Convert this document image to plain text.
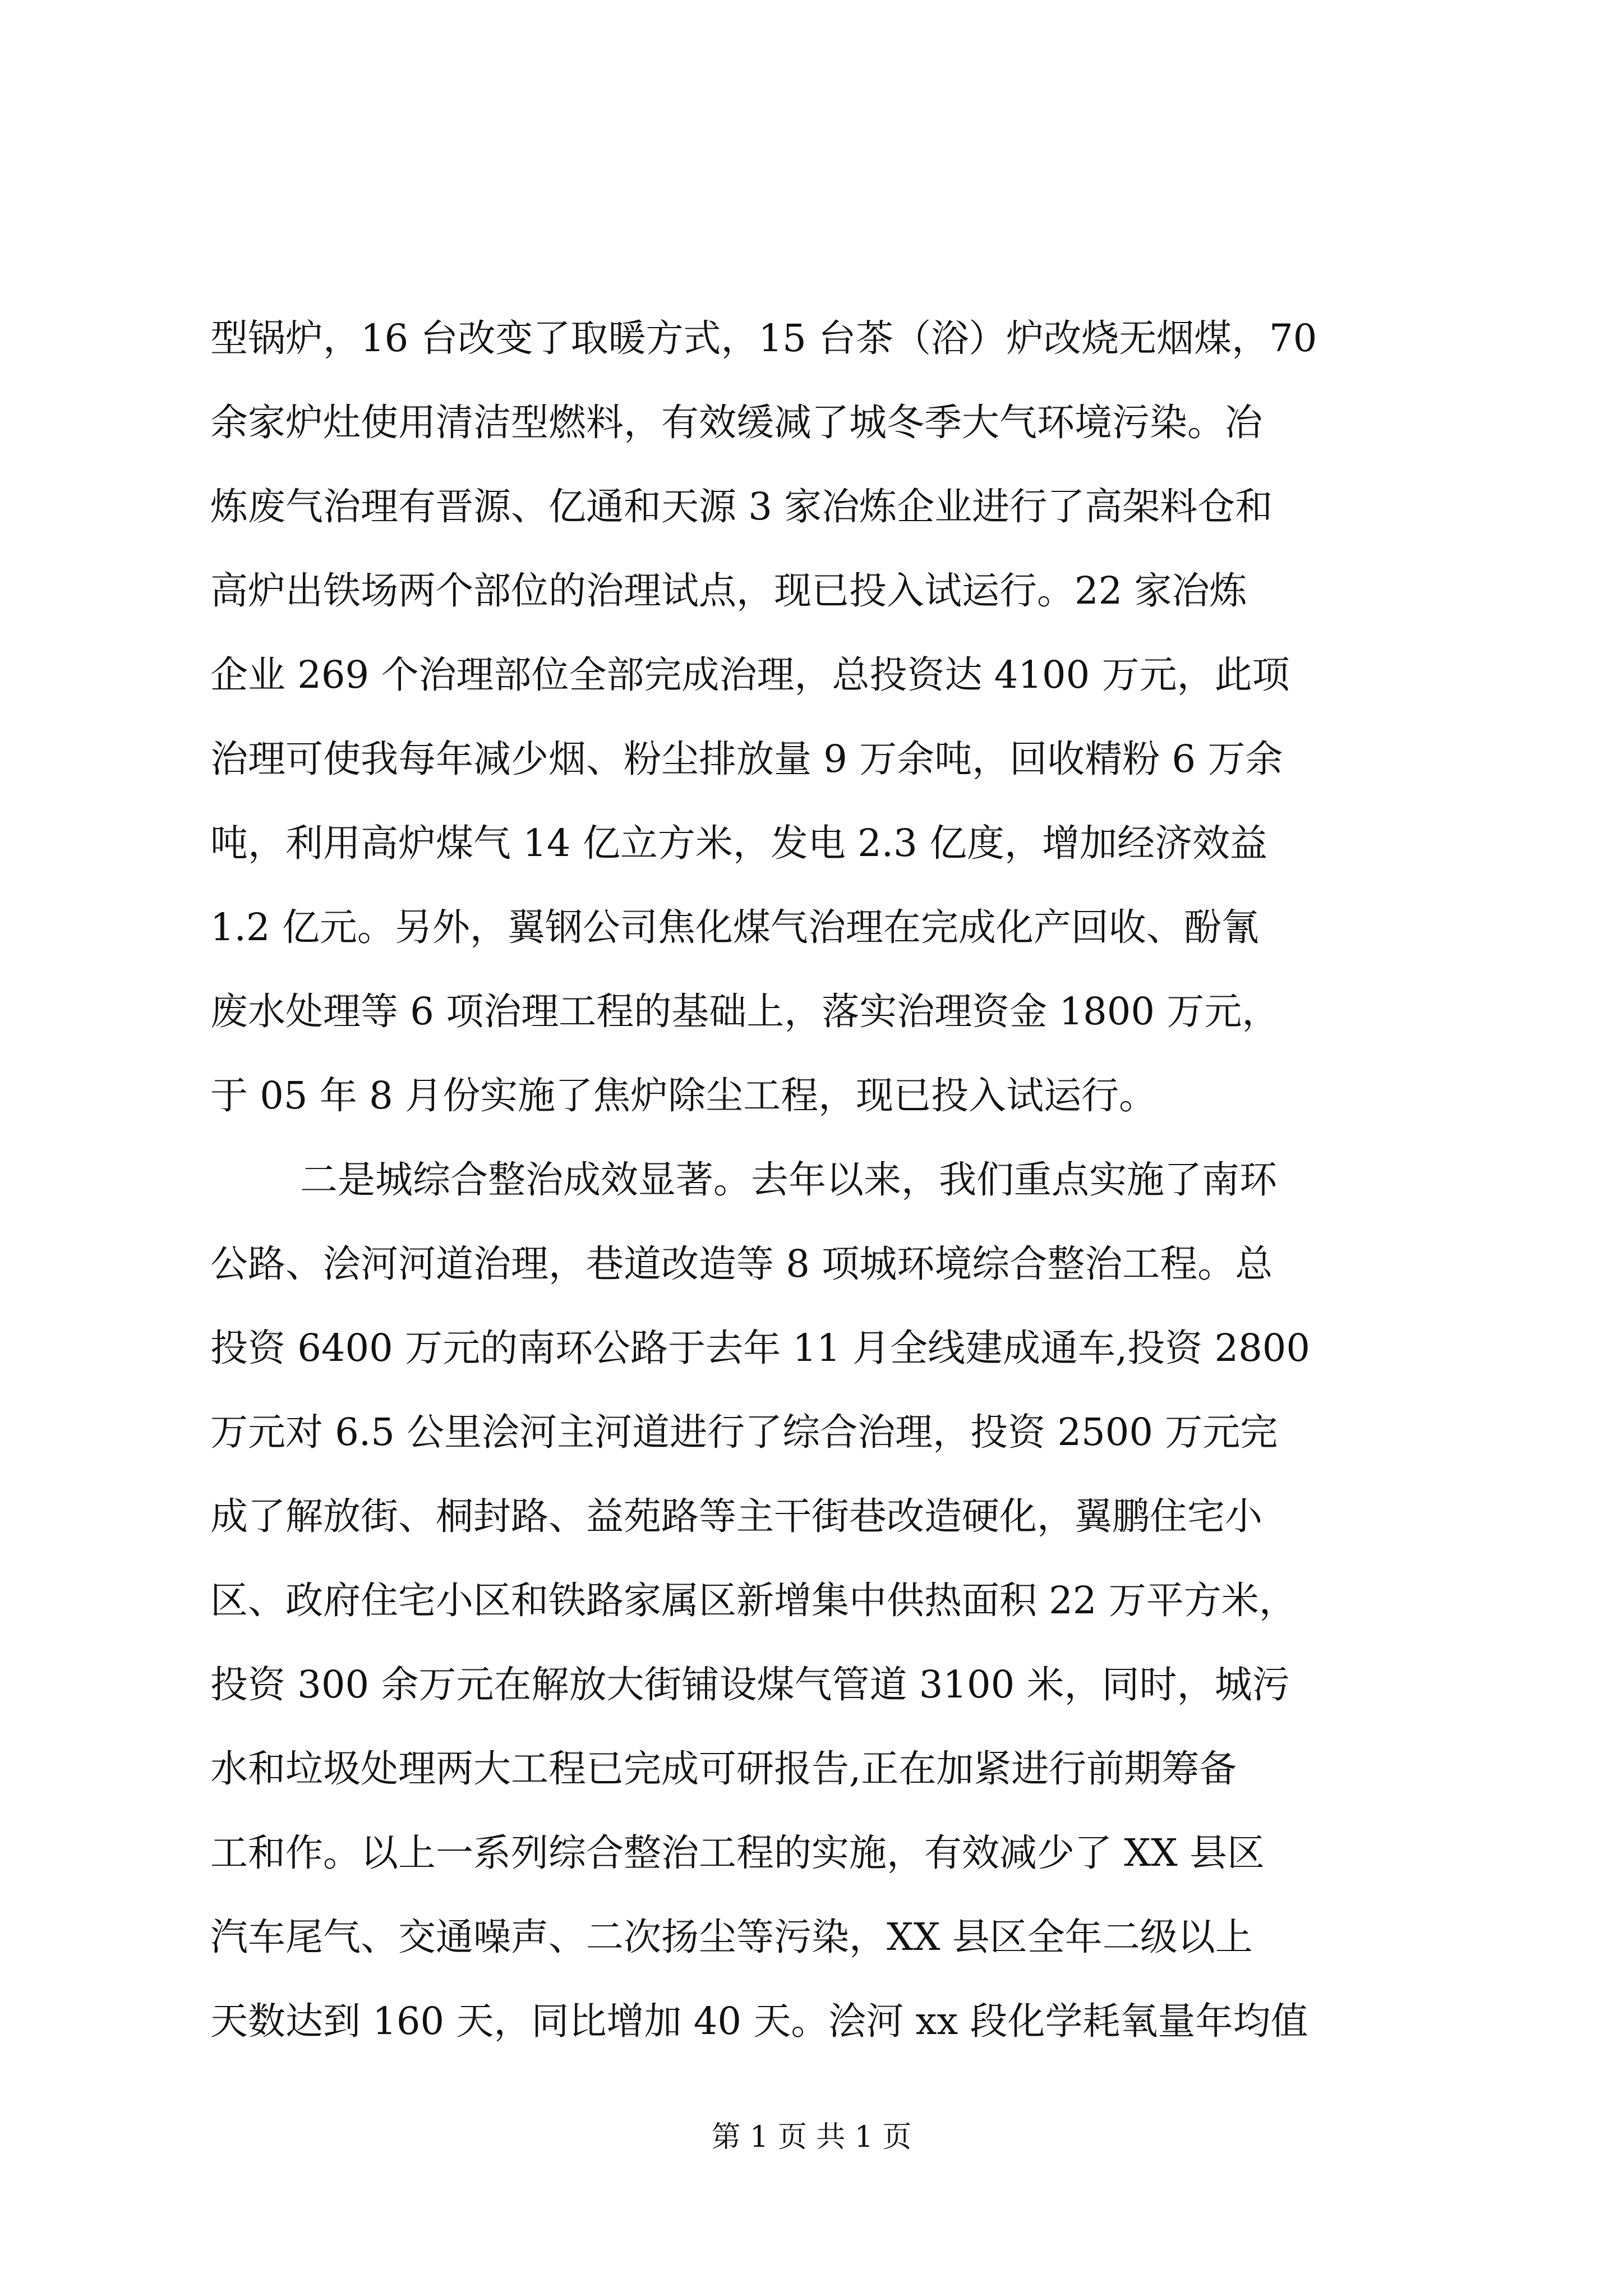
型锅炉，16 台改变了取暖方式，15 台茶（浴）炉改烧无烟煤，70
余家炉灶使用清洁型燃料，有效缓减了城冬季大气环境污染。冶
炼废气治理有晋源、亿通和天源 3 家冶炼企业进行了高架料仓和
高炉出铁场两个部位的治理试点，现已投入试运行。22 家冶炼
企业 269 个治理部位全部完成治理，总投资达 4100 万元，此项
治理可使我每年减少烟、粉尘排放量 9 万余吨，回收精粉 6 万余
吨，利用高炉煤气 14 亿立方米，发电 2.3 亿度，增加经济效益
1.2 亿元。另外，翼钢公司焦化煤气治理在完成化产回收、酚氰
废水处理等 6 项治理工程的基础上，落实治理资金 1800 万元，
于 05 年 8 月份实施了焦炉除尘工程，现已投入试运行。
二是城综合整治成效显著。去年以来，我们重点实施了南环
公路、浍河河道治理，巷道改造等 8 项城环境综合整治工程。总
投资 6400 万元的南环公路于去年 11 月全线建成通车,投资 2800
万元对 6.5 公里浍河主河道进行了综合治理，投资 2500 万元完
成了解放街、桐封路、益苑路等主干街巷改造硬化，翼鹏住宅小
区、政府住宅小区和铁路家属区新增集中供热面积 22 万平方米，
投资 300 余万元在解放大街铺设煤气管道 3100 米，同时，城污
水和垃圾处理两大工程已完成可研报告,正在加紧进行前期筹备
工和作。以上一系列综合整治工程的实施，有效减少了 XX 县区
汽车尾气、交通噪声、二次扬尘等污染，XX 县区全年二级以上
天数达到 160 天，同比增加 40 天。浍河 xx 段化学耗氧量年均值
第 1 页 共 1 页
